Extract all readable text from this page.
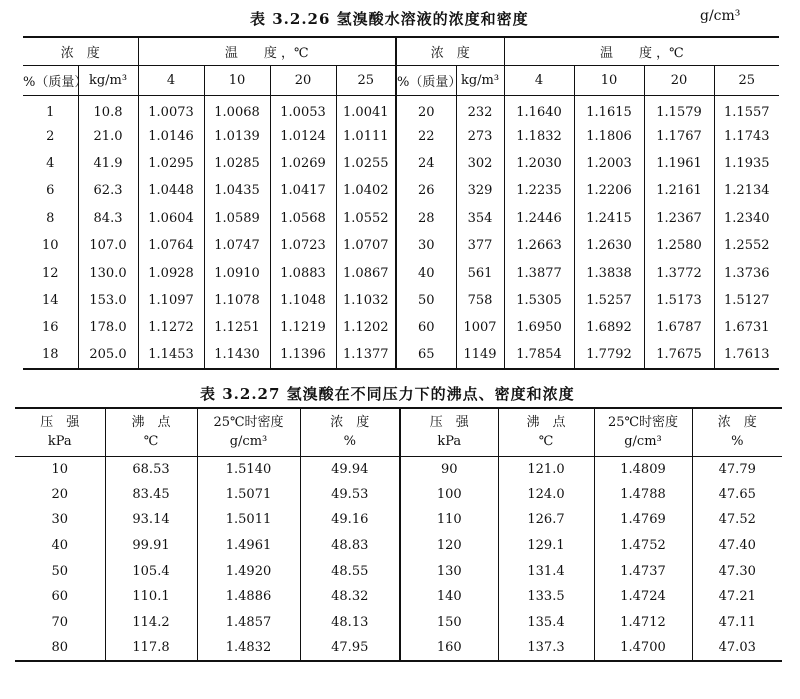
表 3.2.26 氢溴酸水溶液的浓度和密度	g/cm³
浓　度		温　　度 ，℃				浓　度		温　　度 ，℃			
%（质量）	kg/m³	4	10	20	25	%（质量）	kg/m³	4	10	20	25
1	10.8	1.0073	1.0068	1.0053	1.0041	20	232	1.1640	1.1615	1.1579	1.1557
2	21.0	1.0146	1.0139	1.0124	1.0111	22	273	1.1832	1.1806	1.1767	1.1743
4	41.9	1.0295	1.0285	1.0269	1.0255	24	302	1.2030	1.2003	1.1961	1.1935
6	62.3	1.0448	1.0435	1.0417	1.0402	26	329	1.2235	1.2206	1.2161	1.2134
8	84.3	1.0604	1.0589	1.0568	1.0552	28	354	1.2446	1.2415	1.2367	1.2340
10	107.0	1.0764	1.0747	1.0723	1.0707	30	377	1.2663	1.2630	1.2580	1.2552
12	130.0	1.0928	1.0910	1.0883	1.0867	40	561	1.3877	1.3838	1.3772	1.3736
14	153.0	1.1097	1.1078	1.1048	1.1032	50	758	1.5305	1.5257	1.5173	1.5127
16	178.0	1.1272	1.1251	1.1219	1.1202	60	1007	1.6950	1.6892	1.6787	1.6731
18	205.0	1.1453	1.1430	1.1396	1.1377	65	1149	1.7854	1.7792	1.7675	1.7613
表 3.2.27 氢溴酸在不同压力下的沸点、密度和浓度
压　强	沸　点	25℃时密度	浓　度	压　强	沸　点	25℃时密度	浓　度
kPa	℃	g/cm³	%	kPa	℃	g/cm³	%
10	68.53	1.5140	49.94	90	121.0	1.4809	47.79
20	83.45	1.5071	49.53	100	124.0	1.4788	47.65
30	93.14	1.5011	49.16	110	126.7	1.4769	47.52
40	99.91	1.4961	48.83	120	129.1	1.4752	47.40
50	105.4	1.4920	48.55	130	131.4	1.4737	47.30
60	110.1	1.4886	48.32	140	133.5	1.4724	47.21
70	114.2	1.4857	48.13	150	135.4	1.4712	47.11
80	117.8	1.4832	47.95	160	137.3	1.4700	47.03
